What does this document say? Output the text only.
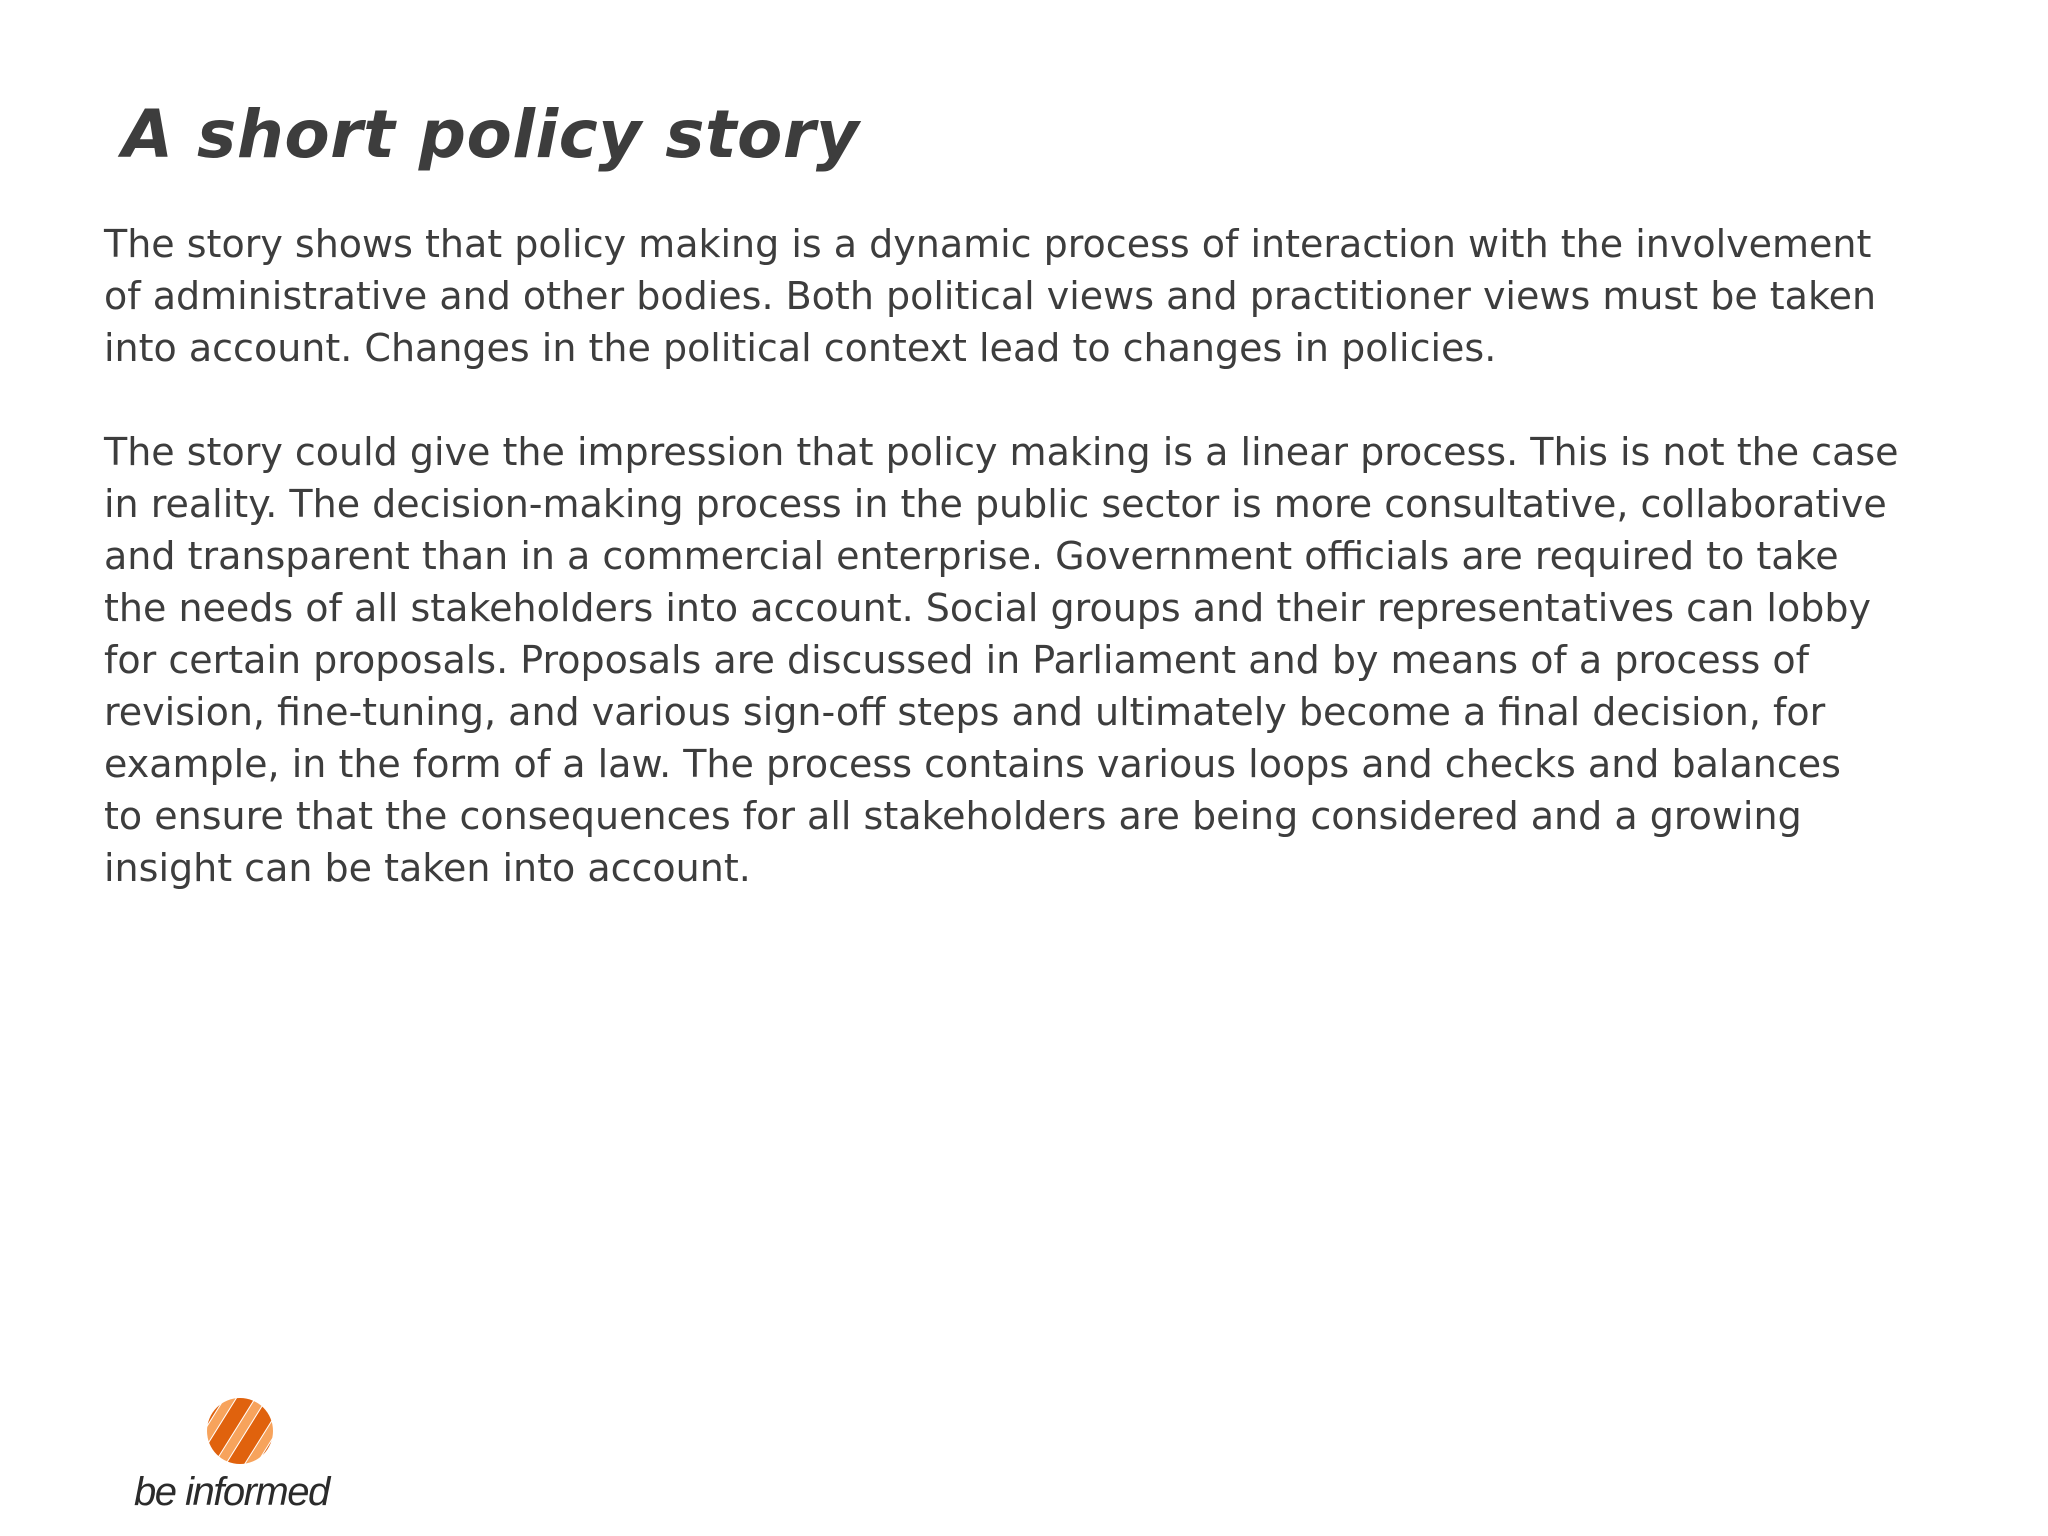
A short policy story

The story shows that policy making is a dynamic process of interaction with the involvement
of administrative and other bodies. Both political views and practitioner views must be taken
into account. Changes in the political context lead to changes in policies.

The story could give the impression that policy making is a linear process. This is not the case
in reality. The decision-making process in the public sector is more consultative, collaborative
and transparent than in a commercial enterprise. Government officials are required to take
the needs of all stakeholders into account. Social groups and their representatives can lobby
for certain proposals. Proposals are discussed in Parliament and by means of a process of
revision, fine-tuning, and various sign-off steps and ultimately become a final decision, for
example, in the form of a law. The process contains various loops and checks and balances
to ensure that the consequences for all stakeholders are being considered and a growing
insight can be taken into account.

be informed
